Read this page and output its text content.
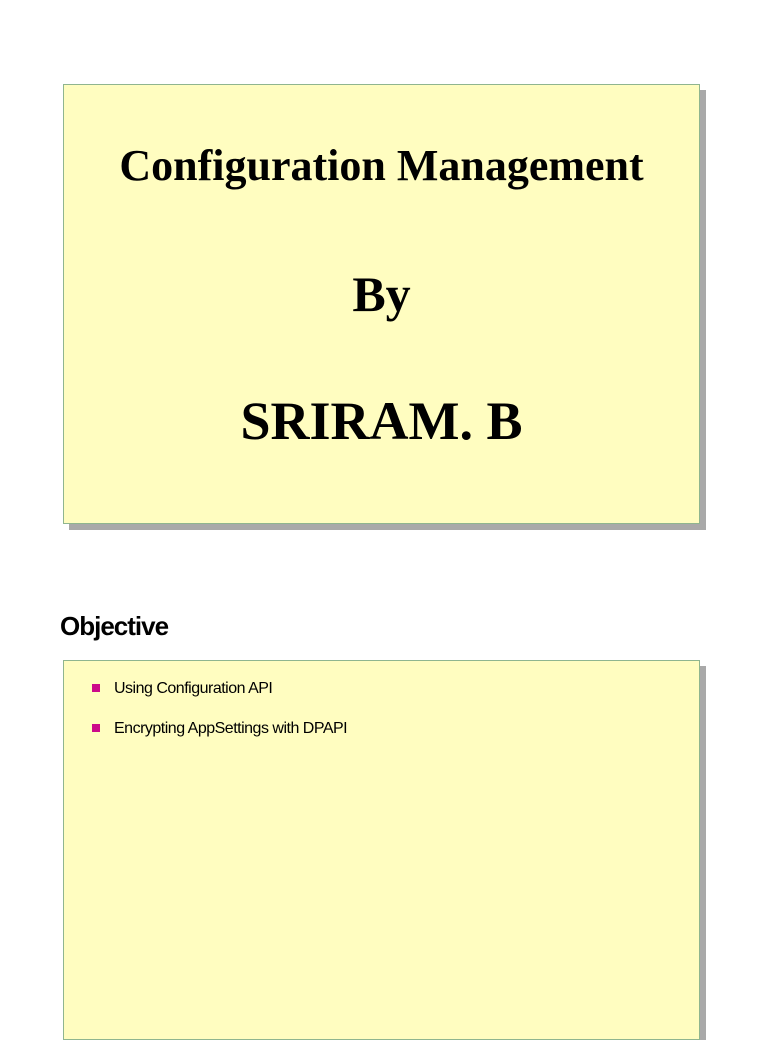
Configuration Management
By
SRIRAM. B
Objective
Using Configuration API
Encrypting AppSettings with DPAPI
